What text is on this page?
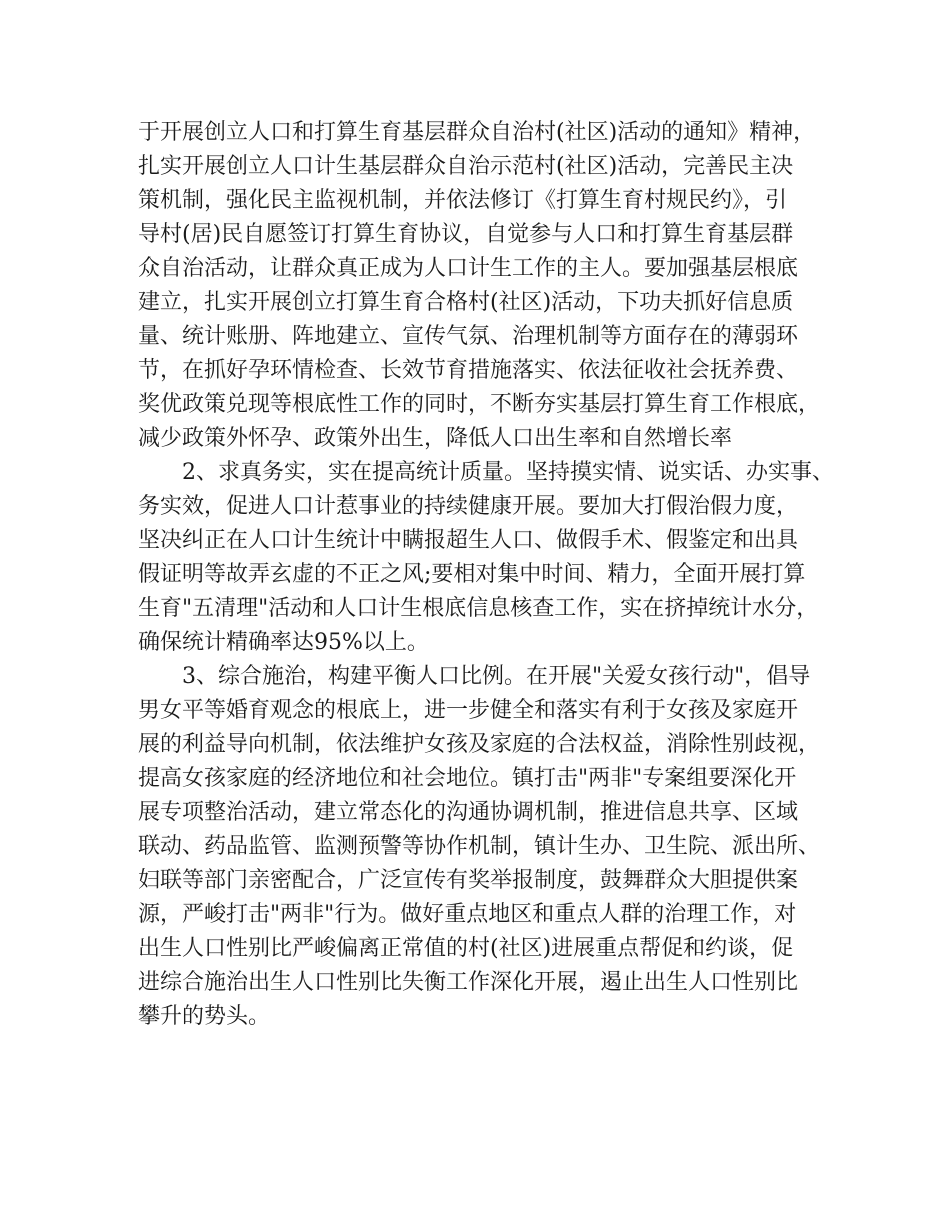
于开展创立人口和打算生育基层群众自治村(社区)活动的通知》精神，
扎实开展创立人口计生基层群众自治示范村(社区)活动，完善民主决
策机制，强化民主监视机制，并依法修订《打算生育村规民约》，引
导村(居)民自愿签订打算生育协议，自觉参与人口和打算生育基层群
众自治活动，让群众真正成为人口计生工作的主人。要加强基层根底
建立，扎实开展创立打算生育合格村(社区)活动，下功夫抓好信息质
量、统计账册、阵地建立、宣传气氛、治理机制等方面存在的薄弱环
节，在抓好孕环情检查、长效节育措施落实、依法征收社会抚养费、
奖优政策兑现等根底性工作的同时，不断夯实基层打算生育工作根底，
减少政策外怀孕、政策外出生，降低人口出生率和自然增长率
　　2、求真务实，实在提高统计质量。坚持摸实情、说实话、办实事、
务实效，促进人口计惹事业的持续健康开展。要加大打假治假力度，
坚决纠正在人口计生统计中瞒报超生人口、做假手术、假鉴定和出具
假证明等故弄玄虚的不正之风;要相对集中时间、精力，全面开展打算
生育"五清理"活动和人口计生根底信息核查工作，实在挤掉统计水分，
确保统计精确率达95%以上。
　　3、综合施治，构建平衡人口比例。在开展"关爱女孩行动"，倡导
男女平等婚育观念的根底上，进一步健全和落实有利于女孩及家庭开
展的利益导向机制，依法维护女孩及家庭的合法权益，消除性别歧视，
提高女孩家庭的经济地位和社会地位。镇打击"两非"专案组要深化开
展专项整治活动，建立常态化的沟通协调机制，推进信息共享、区域
联动、药品监管、监测预警等协作机制，镇计生办、卫生院、派出所、
妇联等部门亲密配合，广泛宣传有奖举报制度，鼓舞群众大胆提供案
源，严峻打击"两非"行为。做好重点地区和重点人群的治理工作，对
出生人口性别比严峻偏离正常值的村(社区)进展重点帮促和约谈，促
进综合施治出生人口性别比失衡工作深化开展，遏止出生人口性别比
攀升的势头。
